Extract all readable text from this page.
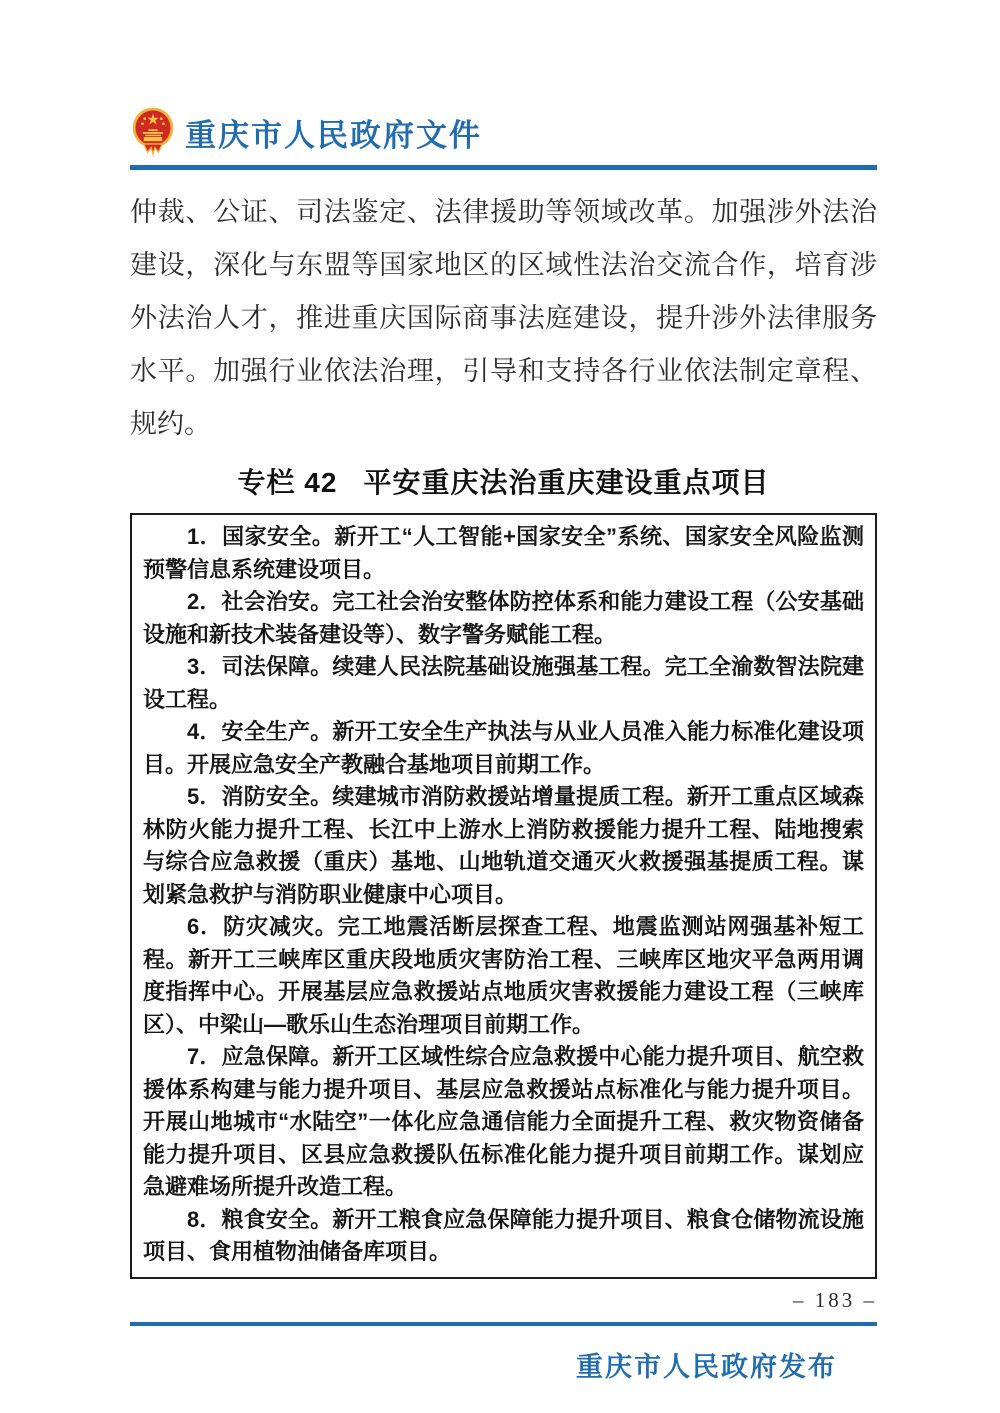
重庆市人民政府文件
仲裁、公证、司法鉴定、法律援助等领域改革。加强涉外法治
建设，深化与东盟等国家地区的区域性法治交流合作，培育涉
外法治人才，推进重庆国际商事法庭建设，提升涉外法律服务
水平。加强行业依法治理，引导和支持各行业依法制定章程、
规约。
专栏 42 平安重庆法治重庆建设重点项目

1．国家安全。新开工“人工智能+国家安全”系统、国家安全风险监测预警信息系统建设项目。

2．社会治安。完工社会治安整体防控体系和能力建设工程（公安基础设施和新技术装备建设等）、数字警务赋能工程。

3．司法保障。续建人民法院基础设施强基工程。完工全渝数智法院建设工程。

4．安全生产。新开工安全生产执法与从业人员准入能力标准化建设项目。开展应急安全产教融合基地项目前期工作。

5．消防安全。续建城市消防救援站增量提质工程。新开工重点区域森林防火能力提升工程、长江中上游水上消防救援能力提升工程、陆地搜索与综合应急救援（重庆）基地、山地轨道交通灭火救援强基提质工程。谋划紧急救护与消防职业健康中心项目。

6．防灾减灾。完工地震活断层探查工程、地震监测站网强基补短工程。新开工三峡库区重庆段地质灾害防治工程、三峡库区地灾平急两用调度指挥中心。开展基层应急救援站点地质灾害救援能力建设工程（三峡库区）、中梁山—歌乐山生态治理项目前期工作。

7．应急保障。新开工区域性综合应急救援中心能力提升项目、航空救援体系构建与能力提升项目、基层应急救援站点标准化与能力提升项目。开展山地城市“水陆空”一体化应急通信能力全面提升工程、救灾物资储备能力提升项目、区县应急救援队伍标准化能力提升项目前期工作。谋划应急避难场所提升改造工程。

8．粮食安全。新开工粮食应急保障能力提升项目、粮食仓储物流设施项目、食用植物油储备库项目。

– 183 –
重庆市人民政府发布
